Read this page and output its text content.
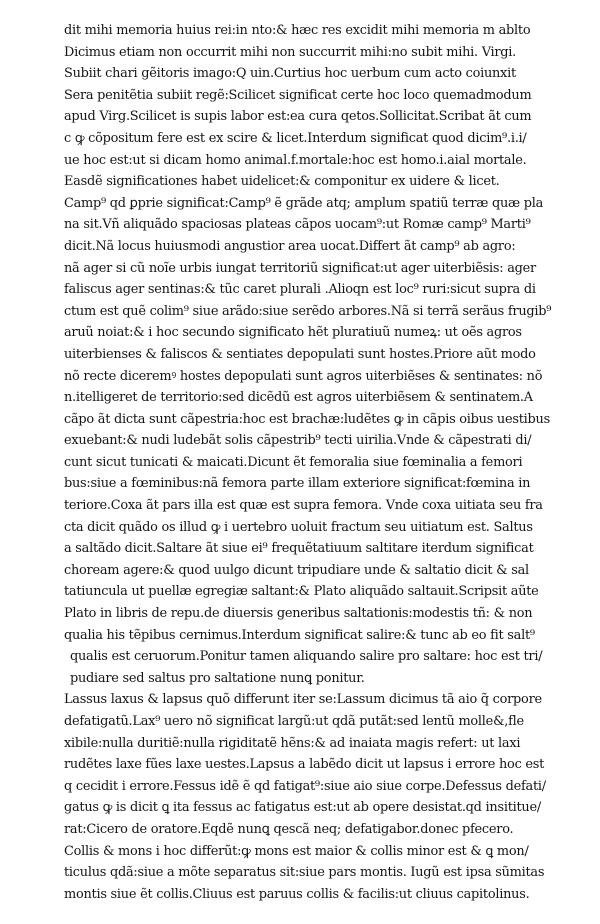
dit mihi memoria huius rei:in nto:& hæc res excidit mihi memoria m ablto
Dicimus etiam non occurrit mihi non succurrit mihi:no subit mihi. Virgi.
Subiit chari gẽitoris imago:Q uin.Curtius hoc uerbum cum acto coiunxit
Sera penitẽtia subiit regẽ:Scilicet significat certe hoc loco quemadmodum
apud Virg.Scilicet is supis labor est:ea cura qetos.Sollicitat.Scribat ãt cum
c ꝙ cõpositum fere est ex scire & licet.Interdum significat quod dicim⁹.i.i/
ue hoc est:ut si dicam homo animal.f.mortale:hoc est homo.i.aial mortale.
Easdẽ significationes habet uidelicet:& componitur ex uidere & licet.
Camp⁹ qd ꝑprie significat:Camp⁹ ẽ grãde atq; amplum spatiũ terræ quæ pla
na sit.Vñ aliquãdo spaciosas plateas cãpos uocam⁹:ut Romæ camp⁹ Marti⁹
dicit.Nã locus huiusmodi angustior area uocat.Differt ãt camp⁹ ab agro:
nã ager si cũ noĩe urbis iungat territoriũ significat:ut ager uiterbiẽsis: ager
faliscus ager sentinas:& tũc caret plurali .Alioqn est loc⁹ ruri:sicut supra di
ctum est quẽ colim⁹ siue arãdo:siue serẽdo arbores.Nã si terrã serãus frugib⁹
aruũ noiat:& i hoc secundo significato hẽt pluratiuũ numeꝝ: ut oẽs agros
uiterbienses & faliscos & sentiates depopulati sunt hostes.Priore aũt modo
nõ recte diceremꝰ hostes depopulati sunt agros uiterbiẽses & sentinates: nõ
n.itelligeret de territorio:sed dicẽdũ est agros uiterbiẽsem & sentinatem.A
cãpo ãt dicta sunt cãpestria:hoc est brachæ:ludẽtes ꝙ in cãpis oibus uestibus
exuebant:& nudi ludebãt solis cãpestrib⁹ tecti uirilia.Vnde & cãpestrati di/
cunt sicut tunicati & maicati.Dicunt ẽt femoralia siue fœminalia a femori
bus:siue a fœminibus:nã femora parte illam exteriore significat:fœmina in
teriore.Coxa ãt pars illa est quæ est supra femora. Vnde coxa uitiata seu fra
cta dicit quãdo os illud ꝙ i uertebro uoluit fractum seu uitiatum est. Saltus
a saltãdo dicit.Saltare ãt siue ei⁹ frequẽtatiuum saltitare iterdum significat
choream agere:& quod uulgo dicunt tripudiare unde & saltatio dicit & sal
tatiuncula ut puellæ egregiæ saltant:& Plato aliquãdo saltauit.Scripsit aũte
Plato in libris de repu.de diuersis generibus saltationis:modestis tñ: & non
qualia his tẽpibus cernimus.Interdum significat salire:& tunc ab eo fit salt⁹
qualis est ceruorum.Ponitur tamen aliquando salire pro saltare: hoc est tri/
pudiare sed saltus pro saltatione nunꝗ ponitur.
Lassus laxus & lapsus quõ differunt iter se:Lassum dicimus tã aio q̃ corpore
defatigatũ.Lax⁹ uero nõ significat largũ:ut qdã putãt:sed lentũ molle&,fle
xibile:nulla duritiẽ:nulla rigiditatẽ hẽns:& ad inaiata magis refert: ut laxi
rudẽtes laxe fũes laxe uestes.Lapsus a labẽdo dicit ut lapsus i errore hoc est
q cecidit i errore.Fessus idẽ ẽ qd fatigat⁹:siue aio siue corpe.Defessus defati/
gatus ꝙ is dicit ꝗ ita fessus ac fatigatus est:ut ab opere desistat.qd insititue/
rat:Cicero de oratore.Eqdẽ nunꝗ qescã neq; defatigabor.donec pfecero.
Collis & mons i hoc differũt:ꝙ mons est maior & collis minor est & ꝗ mon/
ticulus qdã:siue a mõte separatus sit:siue pars montis. Iugũ est ipsa sũmitas
montis siue ẽt collis.Cliuus est paruus collis & facilis:ut cliuus capitolinus.
